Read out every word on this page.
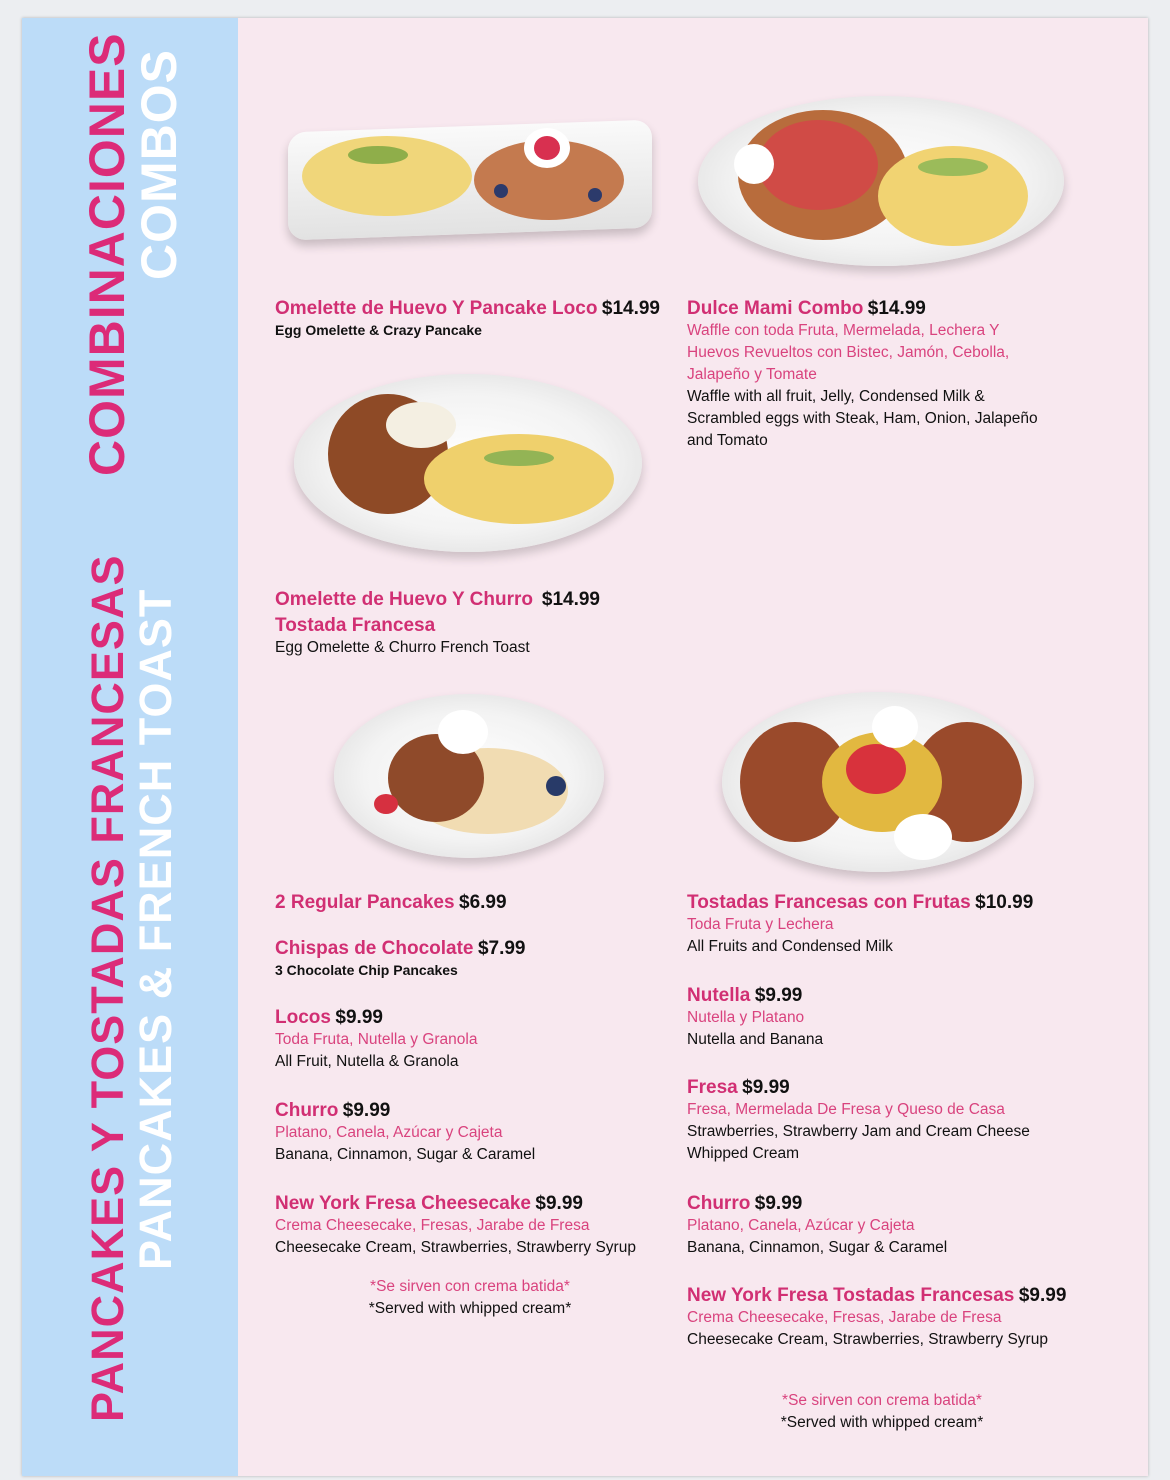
COMBINACIONES
COMBOS
PANCAKES Y TOSTADAS FRANCESAS
PANCAKES & FRENCH TOAST
Omelette de Huevo Y Pancake Loco $14.99
Egg Omelette & Crazy Pancake
Dulce Mami Combo $14.99
Waffle con toda Fruta, Mermelada, Lechera Y
Huevos Revueltos con Bistec, Jamón, Cebolla,
Jalapeño y Tomate
Waffle with all fruit, Jelly, Condensed Milk &
Scrambled eggs with Steak, Ham, Onion, Jalapeño
and Tomato
Omelette de Huevo Y Churro $14.99
Tostada Francesa
Egg Omelette & Churro French Toast
2 Regular Pancakes $6.99
Chispas de Chocolate $7.99
3 Chocolate Chip Pancakes
Locos $9.99
Toda Fruta, Nutella y Granola
All Fruit, Nutella & Granola
Churro $9.99
Platano, Canela, Azúcar y Cajeta
Banana, Cinnamon, Sugar & Caramel
New York Fresa Cheesecake $9.99
Crema Cheesecake, Fresas, Jarabe de Fresa
Cheesecake Cream, Strawberries, Strawberry Syrup
*Se sirven con crema batida*
*Served with whipped cream*
Tostadas Francesas con Frutas $10.99
Toda Fruta y Lechera
All Fruits and Condensed Milk
Nutella $9.99
Nutella y Platano
Nutella and Banana
Fresa $9.99
Fresa, Mermelada De Fresa y Queso de Casa
Strawberries, Strawberry Jam and Cream Cheese
Whipped Cream
Churro $9.99
Platano, Canela, Azúcar y Cajeta
Banana, Cinnamon, Sugar & Caramel
New York Fresa Tostadas Francesas $9.99
Crema Cheesecake, Fresas, Jarabe de Fresa
Cheesecake Cream, Strawberries, Strawberry Syrup
*Se sirven con crema batida*
*Served with whipped cream*
